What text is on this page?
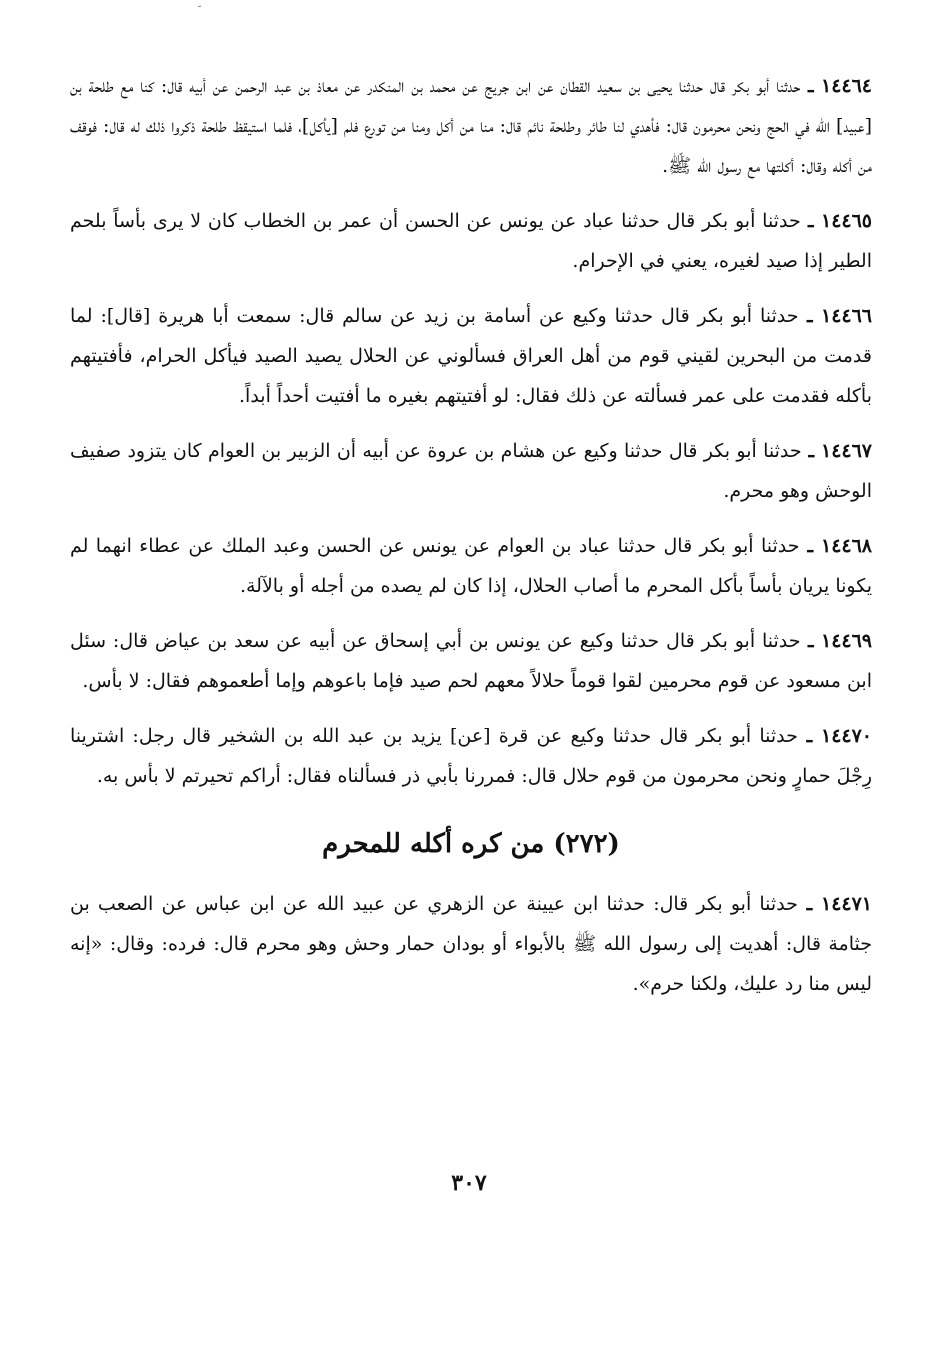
˘

١٤٤٦٤ ـ حدثنا أبو بكر قال حدثنا يحيى بن سعيد القطان عن ابن جريج عن محمد بن المنكدر عن معاذ بن عبد الرحمن عن أبيه قال: كنا مع طلحة بن [عبيد] الله في الحج ونحن محرمون قال: فأهدي لنا طائر وطلحة نائم قال: منا من أكل ومنا من تورع فلم [يأكل]، فلما استيقظ طلحة ذكروا ذلك له قال: فوقف من أكله وقال: أكلتها مع رسول الله ﷺ.

١٤٤٦٥ ـ حدثنا أبو بكر قال حدثنا عباد عن يونس عن الحسن أن عمر بن الخطاب كان لا يرى بأساً بلحم الطير إذا صيد لغيره، يعني في الإحرام.

١٤٤٦٦ ـ حدثنا أبو بكر قال حدثنا وكيع عن أسامة بن زيد عن سالم قال: سمعت أبا هريرة [قال]: لما قدمت من البحرين لقيني قوم من أهل العراق فسألوني عن الحلال يصيد الصيد فيأكل الحرام، فأفتيتهم بأكله فقدمت على عمر فسألته عن ذلك فقال: لو أفتيتهم بغيره ما أفتيت أحداً أبداً.

١٤٤٦٧ ـ حدثنا أبو بكر قال حدثنا وكيع عن هشام بن عروة عن أبيه أن الزبير بن العوام كان يتزود صفيف الوحش وهو محرم.

١٤٤٦٨ ـ حدثنا أبو بكر قال حدثنا عباد بن العوام عن يونس عن الحسن وعبد الملك عن عطاء انهما لم يكونا يريان بأساً بأكل المحرم ما أصاب الحلال، إذا كان لم يصده من أجله أو بالآلة.

١٤٤٦٩ ـ حدثنا أبو بكر قال حدثنا وكيع عن يونس بن أبي إسحاق عن أبيه عن سعد بن عياض قال: سئل ابن مسعود عن قوم محرمين لقوا قوماً حلالاً معهم لحم صيد فإما باعوهم وإما أطعموهم فقال: لا بأس.

١٤٤٧٠ ـ حدثنا أبو بكر قال حدثنا وكيع عن قرة [عن] يزيد بن عبد الله بن الشخير قال رجل: اشترينا رِجْلَ حمارٍ ونحن محرمون من قوم حلال قال: فمررنا بأبي ذر فسألناه فقال: أراكم تحيرتم لا بأس به.

(٢٧٢) من كره أكله للمحرم

١٤٤٧١ ـ حدثنا أبو بكر قال: حدثنا ابن عيينة عن الزهري عن عبيد الله عن ابن عباس عن الصعب بن جثامة قال: أهديت إلى رسول الله ﷺ بالأبواء أو بودان حمار وحش وهو محرم قال: فرده: وقال: «إنه ليس منا رد عليك، ولكنا حرم».

٣٠٧
